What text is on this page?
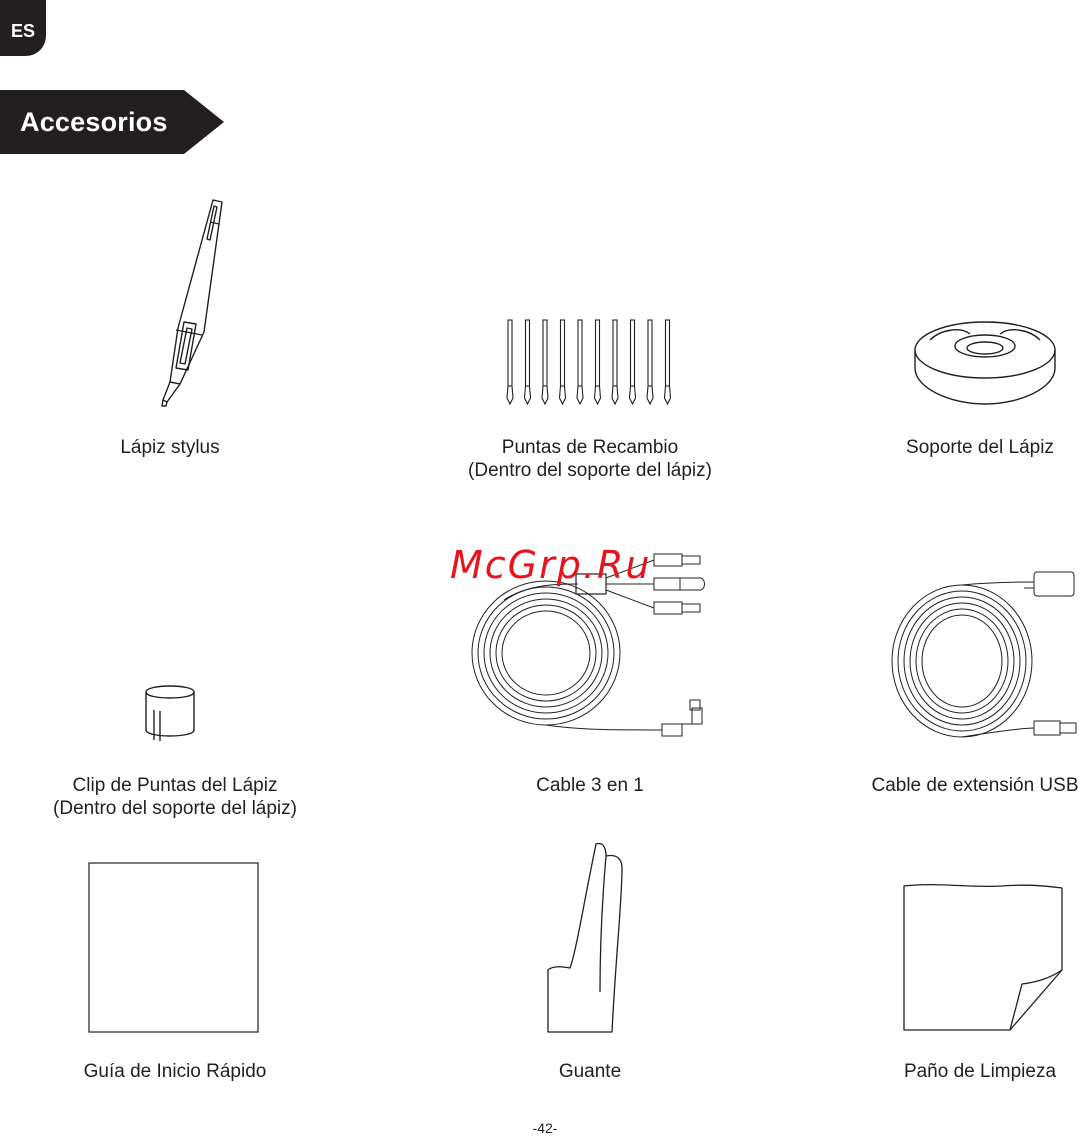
ES
Accesorios
Lápiz stylus	Puntas de Recambio
(Dentro del soporte del lápiz)
Soporte del Lápiz
Clip de Puntas del Lápiz
(Dentro del soporte del lápiz)
Cable 3 en 1	Cable de extensión USB
Guía de Inicio Rápido	Guante	Paño de Limpieza
McGrp.Ru
-42-
